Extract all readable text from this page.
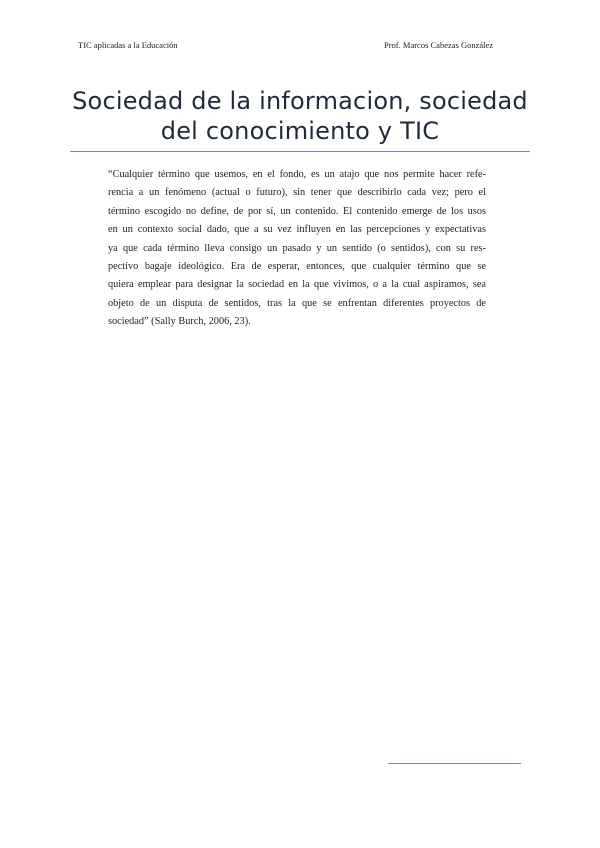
TIC aplicadas a la Educación	Prof. Marcos Cabezas González
Sociedad de la informacion, sociedad
del conocimiento y TIC
“Cualquier término que usemos, en el fondo, es un atajo que nos permite hacer refe-
rencia a un fenómeno (actual o futuro), sin tener que describirlo cada vez; pero el
término escogido no define, de por sí, un contenido. El contenido emerge de los usos
en un contexto social dado, que a su vez influyen en las percepciones y expectativas
ya que cada término lleva consigo un pasado y un sentido (o sentidos), con su res-
pectivo bagaje ideológico. Era de esperar, entonces, que cualquier término que se
quiera emplear para designar la sociedad en la que vivimos, o a la cual aspiramos, sea
objeto de un disputa de sentidos, tras la que se enfrentan diferentes proyectos de
sociedad” (Sally Burch, 2006, 23).
